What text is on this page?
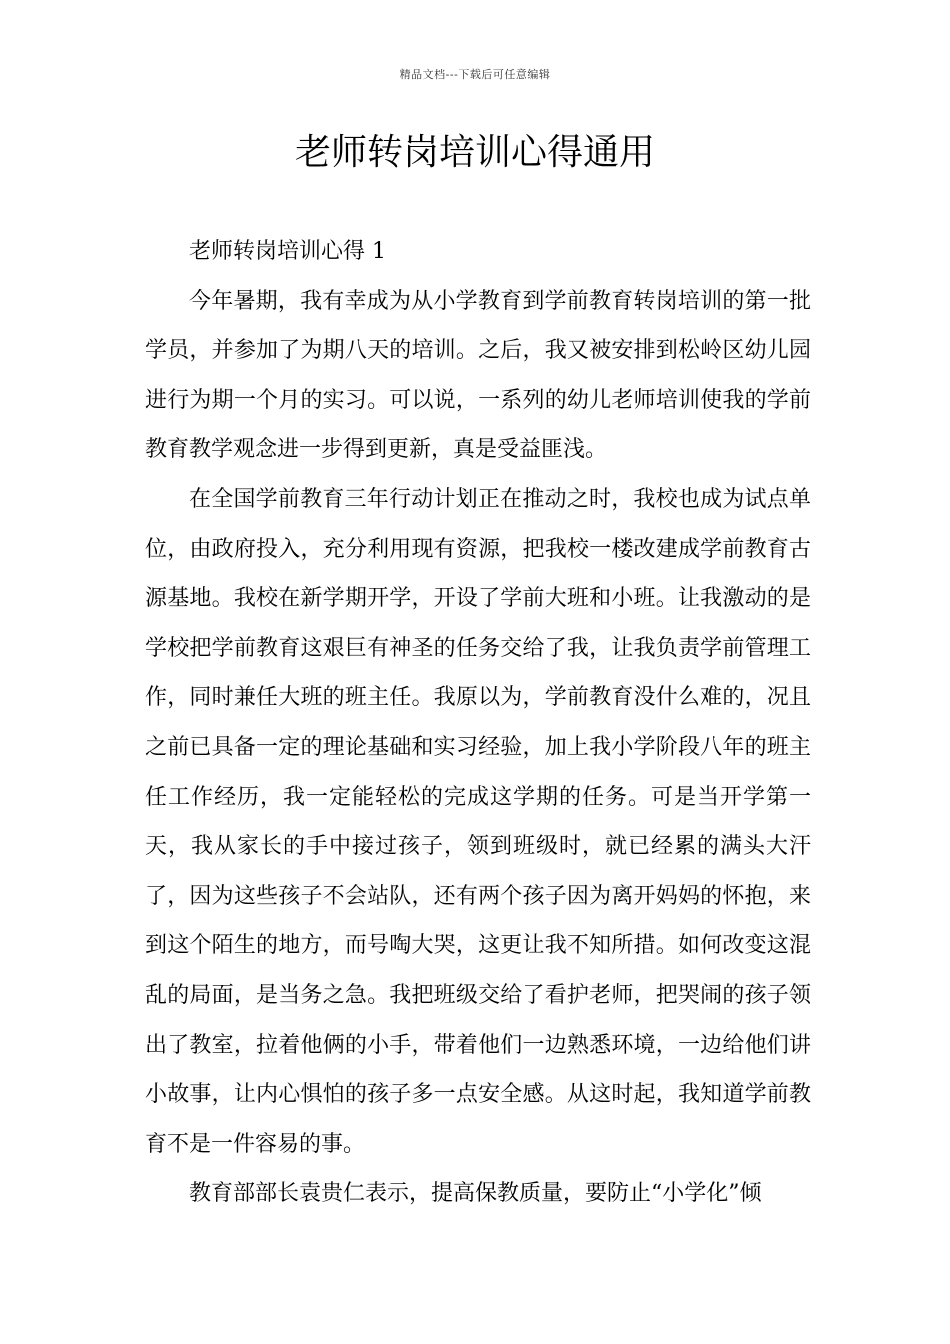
精品文档---下载后可任意编辑
老师转岗培训心得通用

老师转岗培训心得 1

今年暑期，我有幸成为从小学教育到学前教育转岗培训的第一批学员，并参加了为期八天的培训。之后，我又被安排到松岭区幼儿园进行为期一个月的实习。可以说，一系列的幼儿老师培训使我的学前教育教学观念进一步得到更新，真是受益匪浅。

在全国学前教育三年行动计划正在推动之时，我校也成为试点单位，由政府投入，充分利用现有资源，把我校一楼改建成学前教育古源基地。我校在新学期开学，开设了学前大班和小班。让我激动的是学校把学前教育这艰巨有神圣的任务交给了我，让我负责学前管理工作，同时兼任大班的班主任。我原以为，学前教育没什么难的，况且之前已具备一定的理论基础和实习经验，加上我小学阶段八年的班主任工作经历，我一定能轻松的完成这学期的任务。可是当开学第一天，我从家长的手中接过孩子，领到班级时，就已经累的满头大汗了，因为这些孩子不会站队，还有两个孩子因为离开妈妈的怀抱，来到这个陌生的地方，而号啕大哭，这更让我不知所措。如何改变这混乱的局面，是当务之急。我把班级交给了看护老师，把哭闹的孩子领出了教室，拉着他俩的小手，带着他们一边熟悉环境，一边给他们讲小故事，让内心惧怕的孩子多一点安全感。从这时起，我知道学前教育不是一件容易的事。

教育部部长袁贵仁表示，提高保教质量，要防止“小学化”倾
